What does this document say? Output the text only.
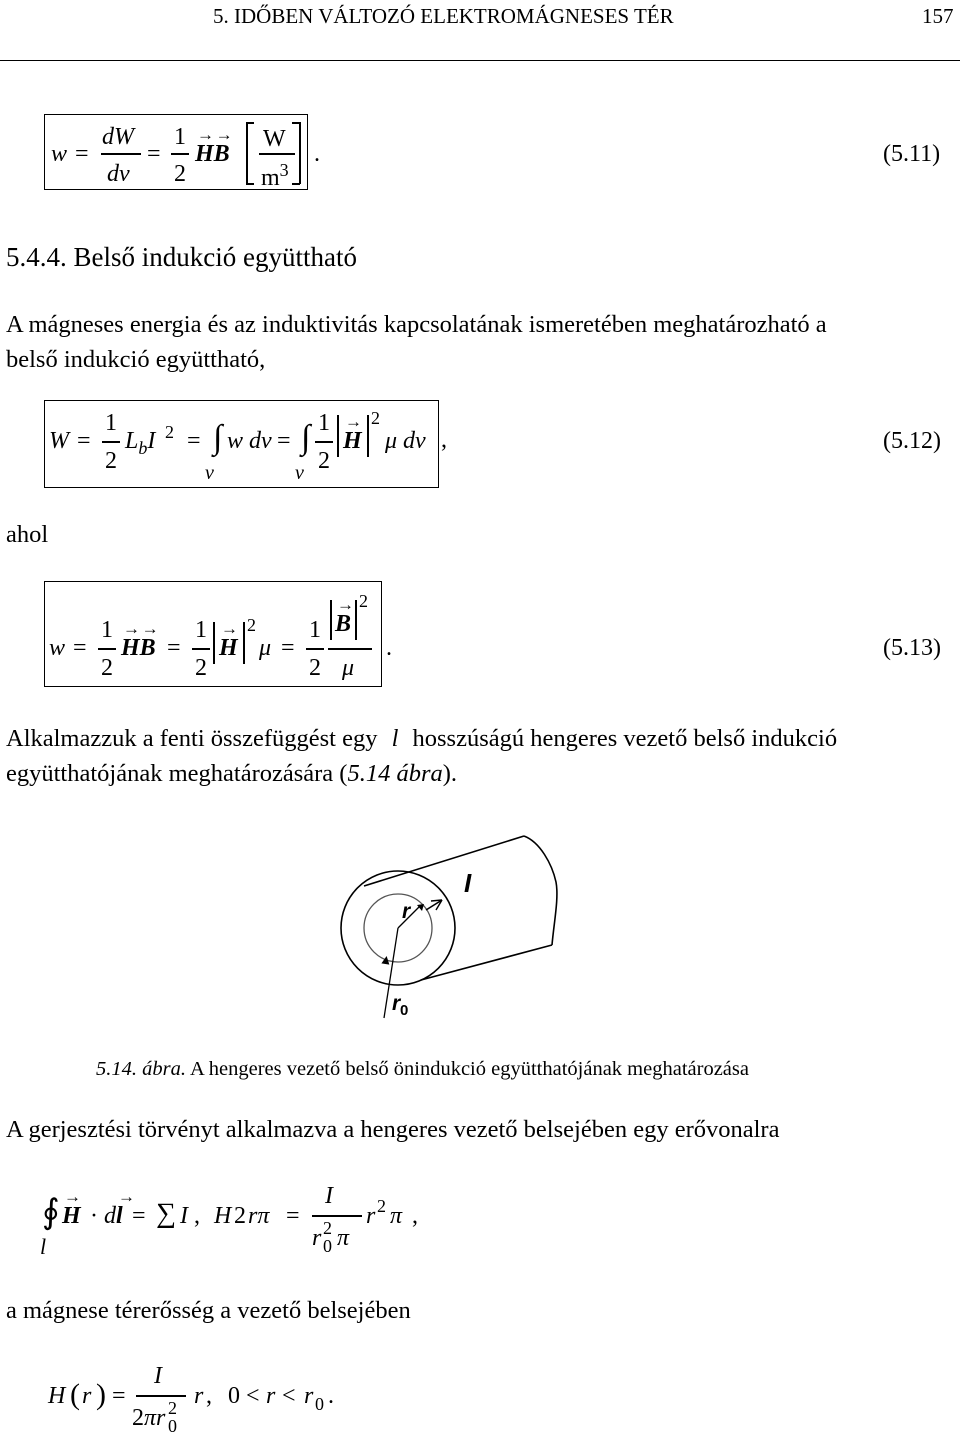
5. IDŐBEN VÁLTOZÓ ELEKTROMÁGNESES TÉR	157
w =
dW
dv
=
1
2
→ H→ B
W
$m^3$
.	(5.11)
5.4.4. Belső indukció együttható
A mágneses energia és az induktivitás kapcsolatának ismeretében meghatározható a
belső indukció együttható,
W =
1
2
$L_bI$ 2 = ∫
v
w dv = ∫
v
1
2
→ H
2
μ dv ,	(5.12)
ahol
w =
1
2
→ H→ B =
1
2
→ H
2
μ =
1
2
→ B
2
μ
.	(5.13)
Alkalmazzuk a fenti összefüggést egy l hosszúságú hengeres vezető belső indukció
együtthatójának meghatározására (5.14 ábra).
I
r
r 0
5.14. ábra. A hengeres vezető belső önindukció együtthatójának meghatározása
A gerjesztési törvényt alkalmazva a hengeres vezető belsejében egy erővonalra
∮
l
→ H · d→ l = ∑ I , H 2 rπ =
I
r 2
0 π
r 2 π ,
a mágnese térerősség a vezető belsejében
H ( r ) =
I
2 πr 2
0
r , 0 < r < r 0 .
